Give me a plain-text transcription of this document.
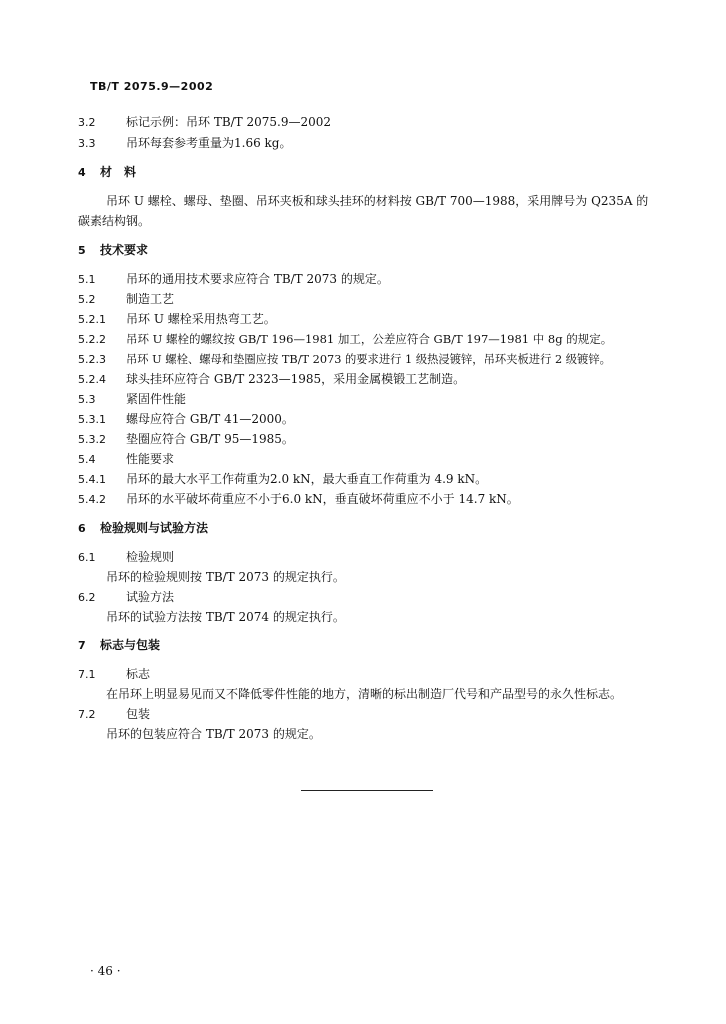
TB/T 2075.9—2002
3.2	标记示例：吊环 TB/T 2075.9—2002
3.3	吊环每套参考重量为1.66 kg。
4 材　料
吊环 U 螺栓、螺母、垫圈、吊环夹板和球头挂环的材料按 GB/T 700—1988，采用牌号为 Q235A 的
碳素结构钢。
5 技术要求
5.1	吊环的通用技术要求应符合 TB/T 2073 的规定。
5.2	制造工艺
5.2.1 吊环 U 螺栓采用热弯工艺。
5.2.2 吊环 U 螺栓的螺纹按 GB/T 196—1981 加工，公差应符合 GB/T 197—1981 中 8g 的规定。
5.2.3 吊环 U 螺栓、螺母和垫圈应按 TB/T 2073 的要求进行 1 级热浸镀锌，吊环夹板进行 2 级镀锌。
5.2.4 球头挂环应符合 GB/T 2323—1985，采用金属模锻工艺制造。
5.3	紧固件性能
5.3.1 螺母应符合 GB/T 41—2000。
5.3.2 垫圈应符合 GB/T 95—1985。
5.4	性能要求
5.4.1 吊环的最大水平工作荷重为2.0 kN，最大垂直工作荷重为 4.9 kN。
5.4.2 吊环的水平破坏荷重应不小于6.0 kN，垂直破坏荷重应不小于 14.7 kN。
6 检验规则与试验方法
6.1	检验规则
吊环的检验规则按 TB/T 2073 的规定执行。
6.2	试验方法
吊环的试验方法按 TB/T 2074 的规定执行。
7 标志与包装
7.1	标志
在吊环上明显易见而又不降低零件性能的地方，清晰的标出制造厂代号和产品型号的永久性标志。
7.2	包装
吊环的包装应符合 TB/T 2073 的规定。
· 46 ·
